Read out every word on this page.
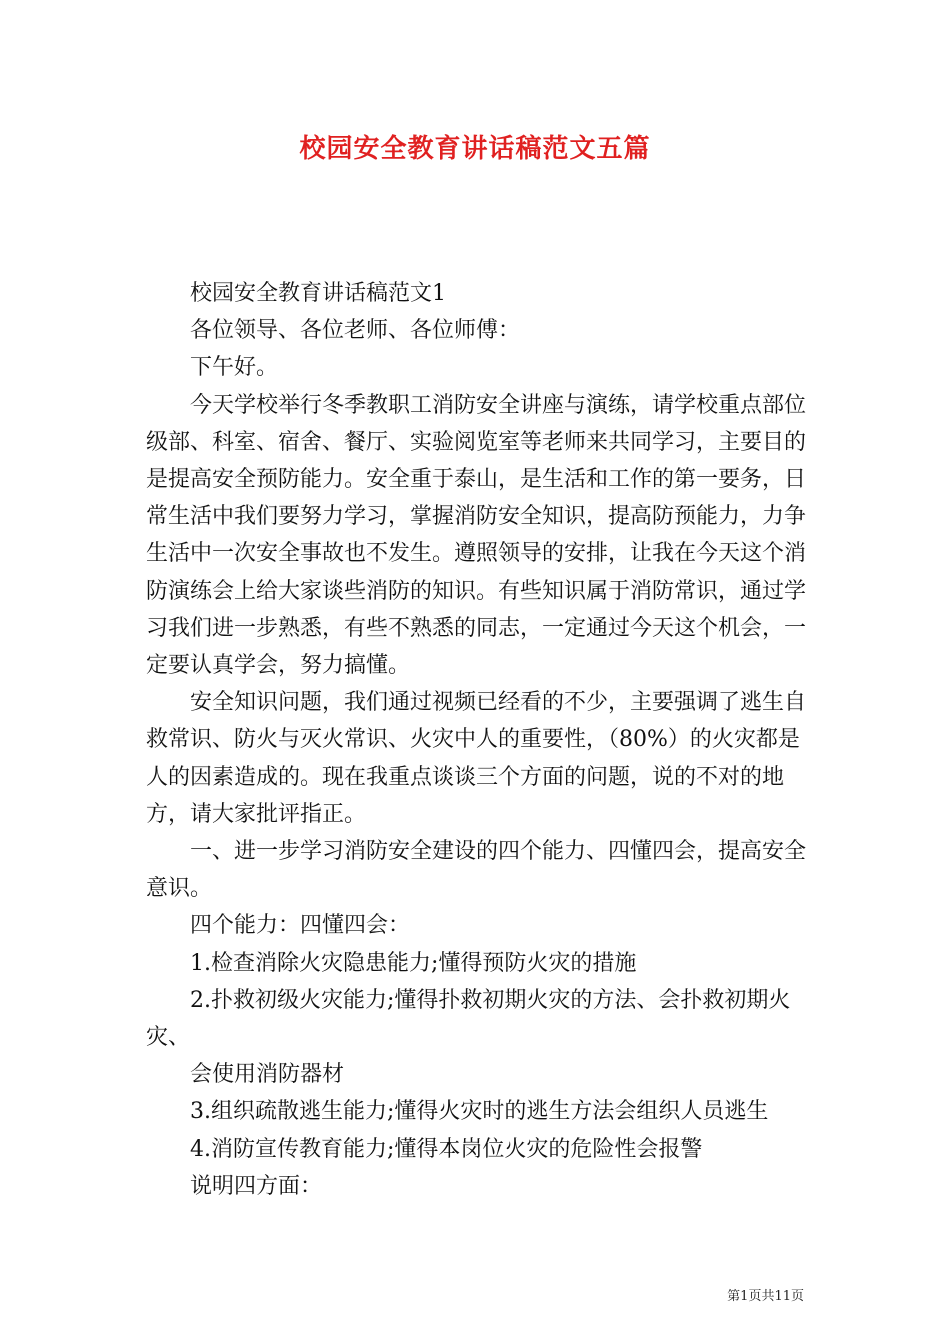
校园安全教育讲话稿范文五篇

校园安全教育讲话稿范文1

各位领导、各位老师、各位师傅：

下午好。

今天学校举行冬季教职工消防安全讲座与演练，请学校重点部位级部、科室、宿舍、餐厅、实验阅览室等老师来共同学习，主要目的是提高安全预防能力。安全重于泰山，是生活和工作的第一要务，日常生活中我们要努力学习，掌握消防安全知识，提高防预能力，力争生活中一次安全事故也不发生。遵照领导的安排，让我在今天这个消防演练会上给大家谈些消防的知识。有些知识属于消防常识，通过学习我们进一步熟悉，有些不熟悉的同志，一定通过今天这个机会，一定要认真学会，努力搞懂。

安全知识问题，我们通过视频已经看的不少，主要强调了逃生自救常识、防火与灭火常识、火灾中人的重要性，（80%）的火灾都是人的因素造成的。现在我重点谈谈三个方面的问题，说的不对的地方，请大家批评指正。

一、进一步学习消防安全建设的四个能力、四懂四会，提高安全意识。

四个能力：四懂四会：

1.检查消除火灾隐患能力;懂得预防火灾的措施

2.扑救初级火灾能力;懂得扑救初期火灾的方法、会扑救初期火灾、

会使用消防器材

3.组织疏散逃生能力;懂得火灾时的逃生方法会组织人员逃生

4.消防宣传教育能力;懂得本岗位火灾的危险性会报警

说明四方面：

第1页共11页
